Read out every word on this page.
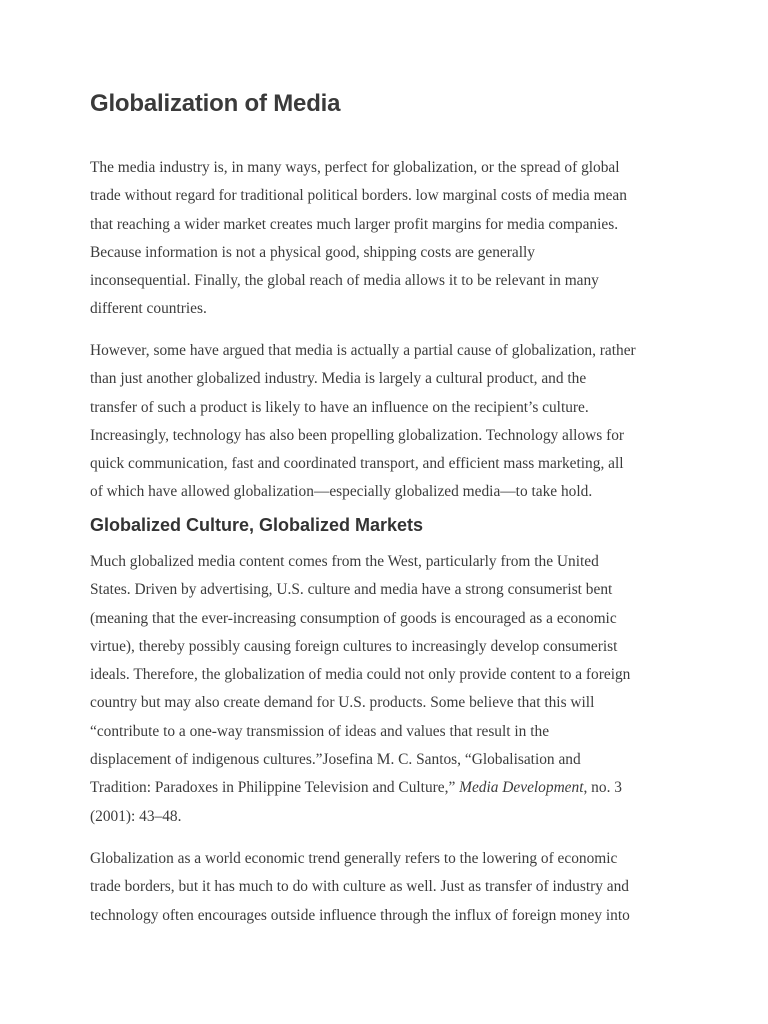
Globalization of Media

The media industry is, in many ways, perfect for globalization, or the spread of global
trade without regard for traditional political borders. low marginal costs of media mean
that reaching a wider market creates much larger profit margins for media companies.
Because information is not a physical good, shipping costs are generally
inconsequential. Finally, the global reach of media allows it to be relevant in many
different countries.

However, some have argued that media is actually a partial cause of globalization, rather
than just another globalized industry. Media is largely a cultural product, and the
transfer of such a product is likely to have an influence on the recipient’s culture.
Increasingly, technology has also been propelling globalization. Technology allows for
quick communication, fast and coordinated transport, and efficient mass marketing, all
of which have allowed globalization—especially globalized media—to take hold.

Globalized Culture, Globalized Markets

Much globalized media content comes from the West, particularly from the United
States. Driven by advertising, U.S. culture and media have a strong consumerist bent
(meaning that the ever-increasing consumption of goods is encouraged as a economic
virtue), thereby possibly causing foreign cultures to increasingly develop consumerist
ideals. Therefore, the globalization of media could not only provide content to a foreign
country but may also create demand for U.S. products. Some believe that this will
“contribute to a one-way transmission of ideas and values that result in the
displacement of indigenous cultures.”Josefina M. C. Santos, “Globalisation and
Tradition: Paradoxes in Philippine Television and Culture,” Media Development, no. 3
(2001): 43–48.

Globalization as a world economic trend generally refers to the lowering of economic
trade borders, but it has much to do with culture as well. Just as transfer of industry and
technology often encourages outside influence through the influx of foreign money into
